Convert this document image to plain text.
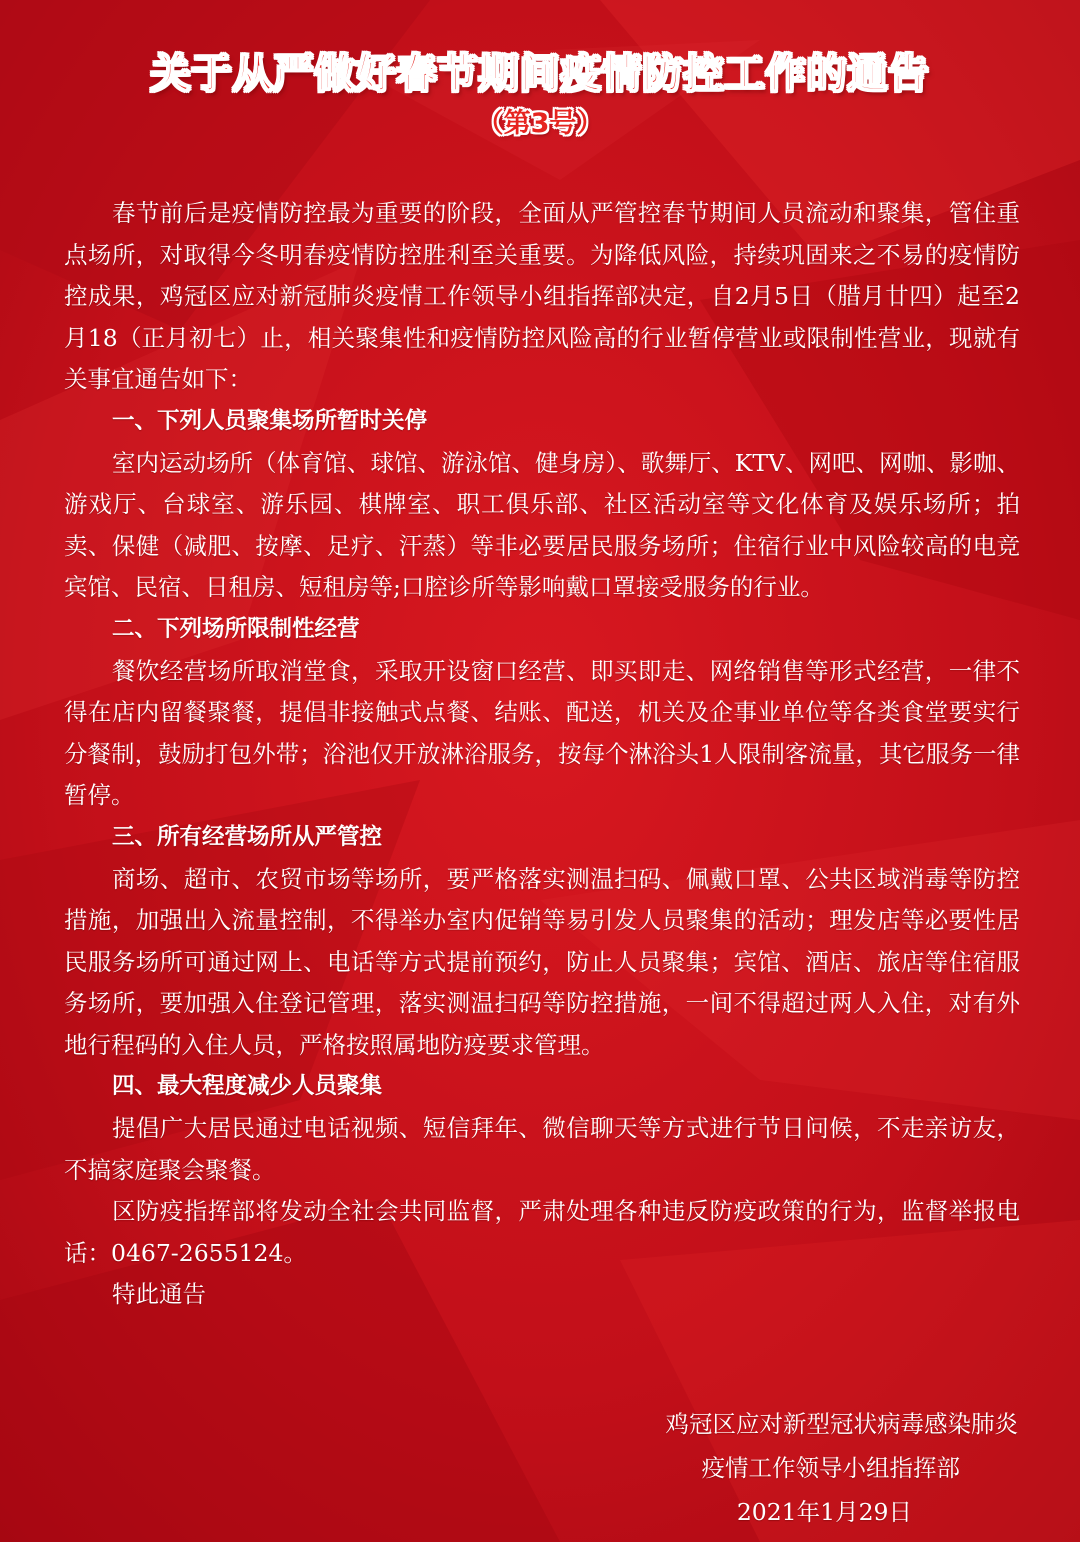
关于从严做好春节期间疫情防控工作的通告
（第3号）

春节前后是疫情防控最为重要的阶段，全面从严管控春节期间人员流动和聚集，管住重点场所，对取得今冬明春疫情防控胜利至关重要。为降低风险，持续巩固来之不易的疫情防控成果，鸡冠区应对新冠肺炎疫情工作领导小组指挥部决定，自2月5日（腊月廿四）起至2月18（正月初七）止，相关聚集性和疫情防控风险高的行业暂停营业或限制性营业，现就有关事宜通告如下：

一、下列人员聚集场所暂时关停

室内运动场所（体育馆、球馆、游泳馆、健身房）、歌舞厅、KTV、网吧、网咖、影咖、游戏厅、台球室、游乐园、棋牌室、职工俱乐部、社区活动室等文化体育及娱乐场所；拍卖、保健（减肥、按摩、足疗、汗蒸）等非必要居民服务场所；住宿行业中风险较高的电竞宾馆、民宿、日租房、短租房等;口腔诊所等影响戴口罩接受服务的行业。

二、下列场所限制性经营

餐饮经营场所取消堂食，采取开设窗口经营、即买即走、网络销售等形式经营，一律不得在店内留餐聚餐，提倡非接触式点餐、结账、配送，机关及企事业单位等各类食堂要实行分餐制，鼓励打包外带；浴池仅开放淋浴服务，按每个淋浴头1人限制客流量，其它服务一律暂停。

三、所有经营场所从严管控

商场、超市、农贸市场等场所，要严格落实测温扫码、佩戴口罩、公共区域消毒等防控措施，加强出入流量控制，不得举办室内促销等易引发人员聚集的活动；理发店等必要性居民服务场所可通过网上、电话等方式提前预约，防止人员聚集；宾馆、酒店、旅店等住宿服务场所，要加强入住登记管理，落实测温扫码等防控措施，一间不得超过两人入住，对有外地行程码的入住人员，严格按照属地防疫要求管理。

四、最大程度减少人员聚集

提倡广大居民通过电话视频、短信拜年、微信聊天等方式进行节日问候，不走亲访友，不搞家庭聚会聚餐。

区防疫指挥部将发动全社会共同监督，严肃处理各种违反防疫政策的行为，监督举报电话：0467-2655124。

特此通告

鸡冠区应对新型冠状病毒感染肺炎
疫情工作领导小组指挥部
2021年1月29日
